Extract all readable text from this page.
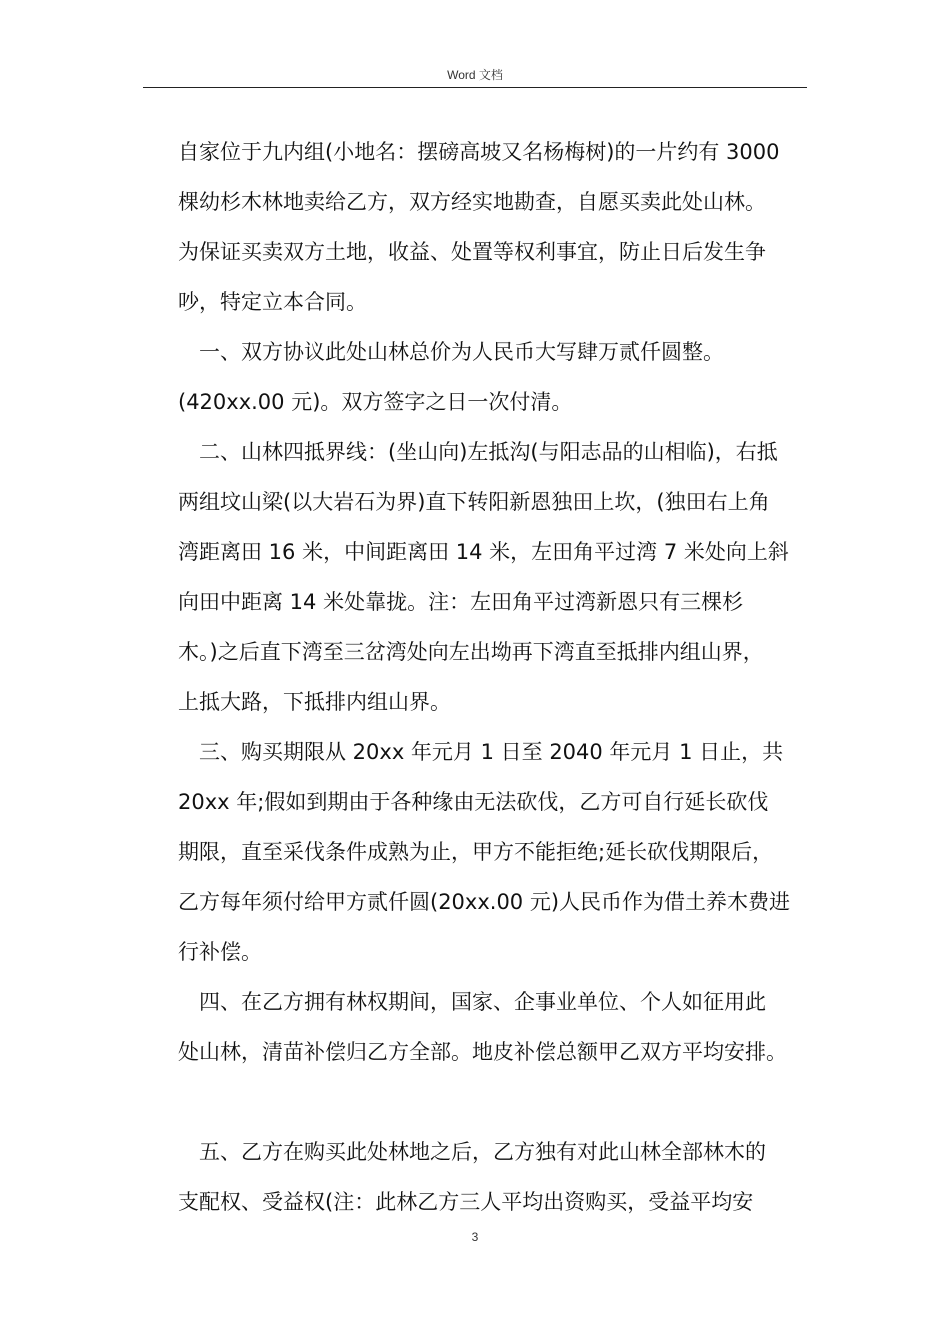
Word 文档
自家位于九内组(小地名：摆磅高坡又名杨梅树)的一片约有 3000
棵幼杉木林地卖给乙方，双方经实地勘查，自愿买卖此处山林。
为保证买卖双方土地，收益、处置等权利事宜，防止日后发生争
吵，特定立本合同。
　一、双方协议此处山林总价为人民币大写肆万贰仟圆整。
(420xx.00 元)。双方签字之日一次付清。
　二、山林四抵界线：(坐山向)左抵沟(与阳志品的山相临)，右抵
两组坟山梁(以大岩石为界)直下转阳新恩独田上坎，(独田右上角
湾距离田 16 米，中间距离田 14 米，左田角平过湾 7 米处向上斜
向田中距离 14 米处靠拢。注：左田角平过湾新恩只有三棵杉
木。)之后直下湾至三岔湾处向左出坳再下湾直至抵排内组山界，
上抵大路，下抵排内组山界。
　三、购买期限从 20xx 年元月 1 日至 2040 年元月 1 日止，共
20xx 年;假如到期由于各种缘由无法砍伐，乙方可自行延长砍伐
期限，直至采伐条件成熟为止，甲方不能拒绝;延长砍伐期限后，
乙方每年须付给甲方贰仟圆(20xx.00 元)人民币作为借土养木费进
行补偿。
　四、在乙方拥有林权期间，国家、企事业单位、个人如征用此
处山林，清苗补偿归乙方全部。地皮补偿总额甲乙双方平均安排。
　五、乙方在购买此处林地之后，乙方独有对此山林全部林木的
支配权、受益权(注：此林乙方三人平均出资购买，受益平均安
3
